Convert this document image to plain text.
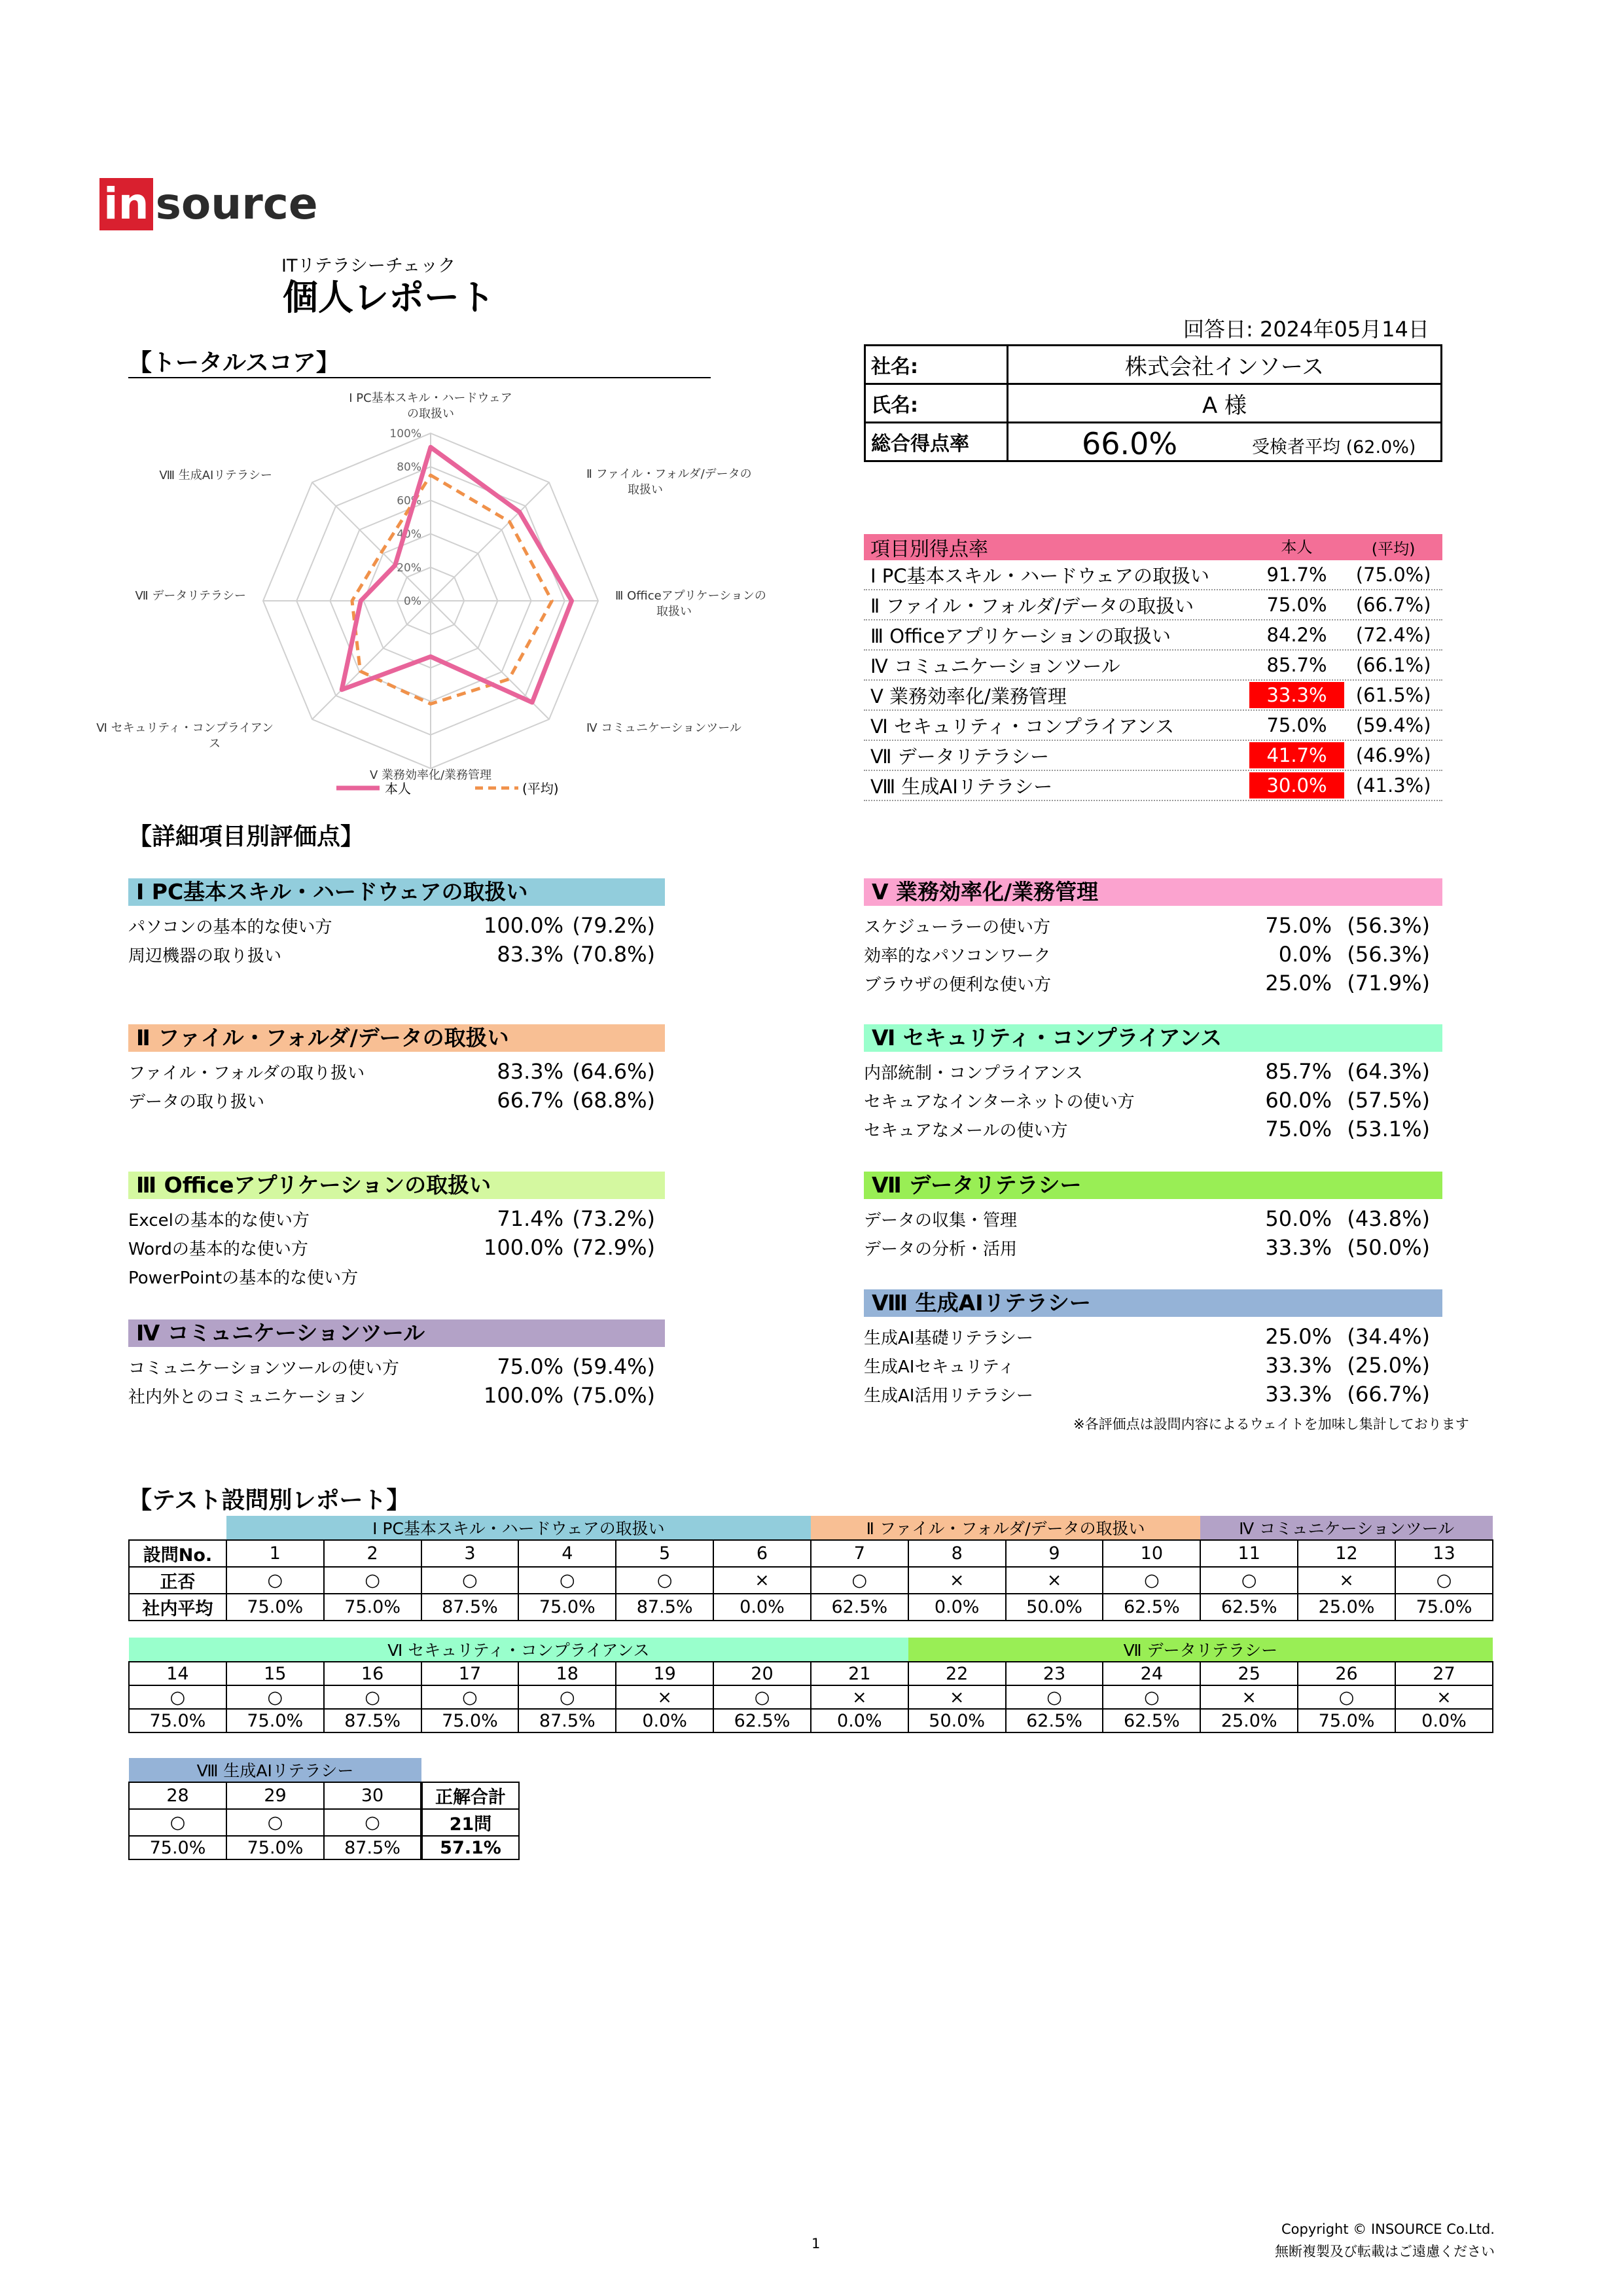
in source
ITリテラシーチェック
個人レポート
回答日: 2024年05月14日
【トータルスコア】
100%
80%
60%
40%
20%
0%
Ⅰ PC基本スキル・ハードウェアの取扱い
Ⅱ ファイル・フォルダ/データの取扱い
Ⅲ Officeアプリケーションの取扱い
Ⅳ コミュニケーションツール
Ⅴ 業務効率化/業務管理
Ⅵ セキュリティ・コンプライアンス
Ⅶ データリテラシー
Ⅷ 生成AIリテラシー
本人	(平均)
社名:	株式会社インソース
氏名:	A 様
総合得点率	66.0% 受検者平均 (62.0%)
項目別得点率	本人	(平均)
Ⅰ PC基本スキル・ハードウェアの取扱い	91.7%	(75.0%)
Ⅱ ファイル・フォルダ/データの取扱い	75.0%	(66.7%)
Ⅲ Officeアプリケーションの取扱い	84.2%	(72.4%)
Ⅳ コミュニケーションツール	85.7%	(66.1%)
Ⅴ 業務効率化/業務管理	33.3%	(61.5%)
Ⅵ セキュリティ・コンプライアンス	75.0%	(59.4%)
Ⅶ データリテラシー	41.7%	(46.9%)
Ⅷ 生成AIリテラシー	30.0%	(41.3%)
【詳細項目別評価点】
Ⅰ PC基本スキル・ハードウェアの取扱い
Ⅱ ファイル・フォルダ/データの取扱い
Ⅲ Officeアプリケーションの取扱い
Ⅳ コミュニケーションツール
Ⅴ 業務効率化/業務管理
Ⅵ セキュリティ・コンプライアンス
Ⅶ データリテラシー
Ⅷ 生成AIリテラシー
パソコンの基本的な使い方	100.0% (79.2%)
周辺機器の取り扱い	83.3% (70.8%)
ファイル・フォルダの取り扱い	83.3% (64.6%)
データの取り扱い	66.7% (68.8%)
Excelの基本的な使い方	71.4% (73.2%)
Wordの基本的な使い方	100.0% (72.9%)
PowerPointの基本的な使い方
コミュニケーションツールの使い方	75.0% (59.4%)
社内外とのコミュニケーション	100.0% (75.0%)
スケジューラーの使い方	75.0% (56.3%)
効率的なパソコンワーク	0.0% (56.3%)
ブラウザの便利な使い方	25.0% (71.9%)
内部統制・コンプライアンス	85.7% (64.3%)
セキュアなインターネットの使い方	60.0% (57.5%)
セキュアなメールの使い方	75.0% (53.1%)
データの収集・管理	50.0% (43.8%)
データの分析・活用	33.3% (50.0%)
生成AI基礎リテラシー	25.0% (34.4%)
生成AIセキュリティ	33.3% (25.0%)
生成AI活用リテラシー	33.3% (66.7%)
※各評価点は設問内容によるウェイトを加味し集計しております
【テスト設問別レポート】
	Ⅰ PC基本スキル・ハードウェアの取扱い						Ⅱ ファイル・フォルダ/データの取扱い				Ⅳ コミュニケーションツール		
設問No.	1	2	3	4	5	6	7	8	9	10	11	12	13
正否	○	○	○	○	○	×	○	×	×	○	○	×	○
社内平均	75.0%	75.0%	87.5%	75.0%	87.5%	0.0%	62.5%	0.0%	50.0%	62.5%	62.5%	25.0%	75.0%
Ⅵ セキュリティ・コンプライアンス								Ⅶ データリテラシー					
14	15	16	17	18	19	20	21	22	23	24	25	26	27
○	○	○	○	○	×	○	×	×	○	○	×	○	×
75.0%	75.0%	87.5%	75.0%	87.5%	0.0%	62.5%	0.0%	50.0%	62.5%	62.5%	25.0%	75.0%	0.0%
Ⅷ 生成AIリテラシー			
28	29	30	正解合計
○	○	○	21問
75.0%	75.0%	87.5%	57.1%
1
Copyright © INSOURCE Co.Ltd.
無断複製及び転載はご遠慮ください
